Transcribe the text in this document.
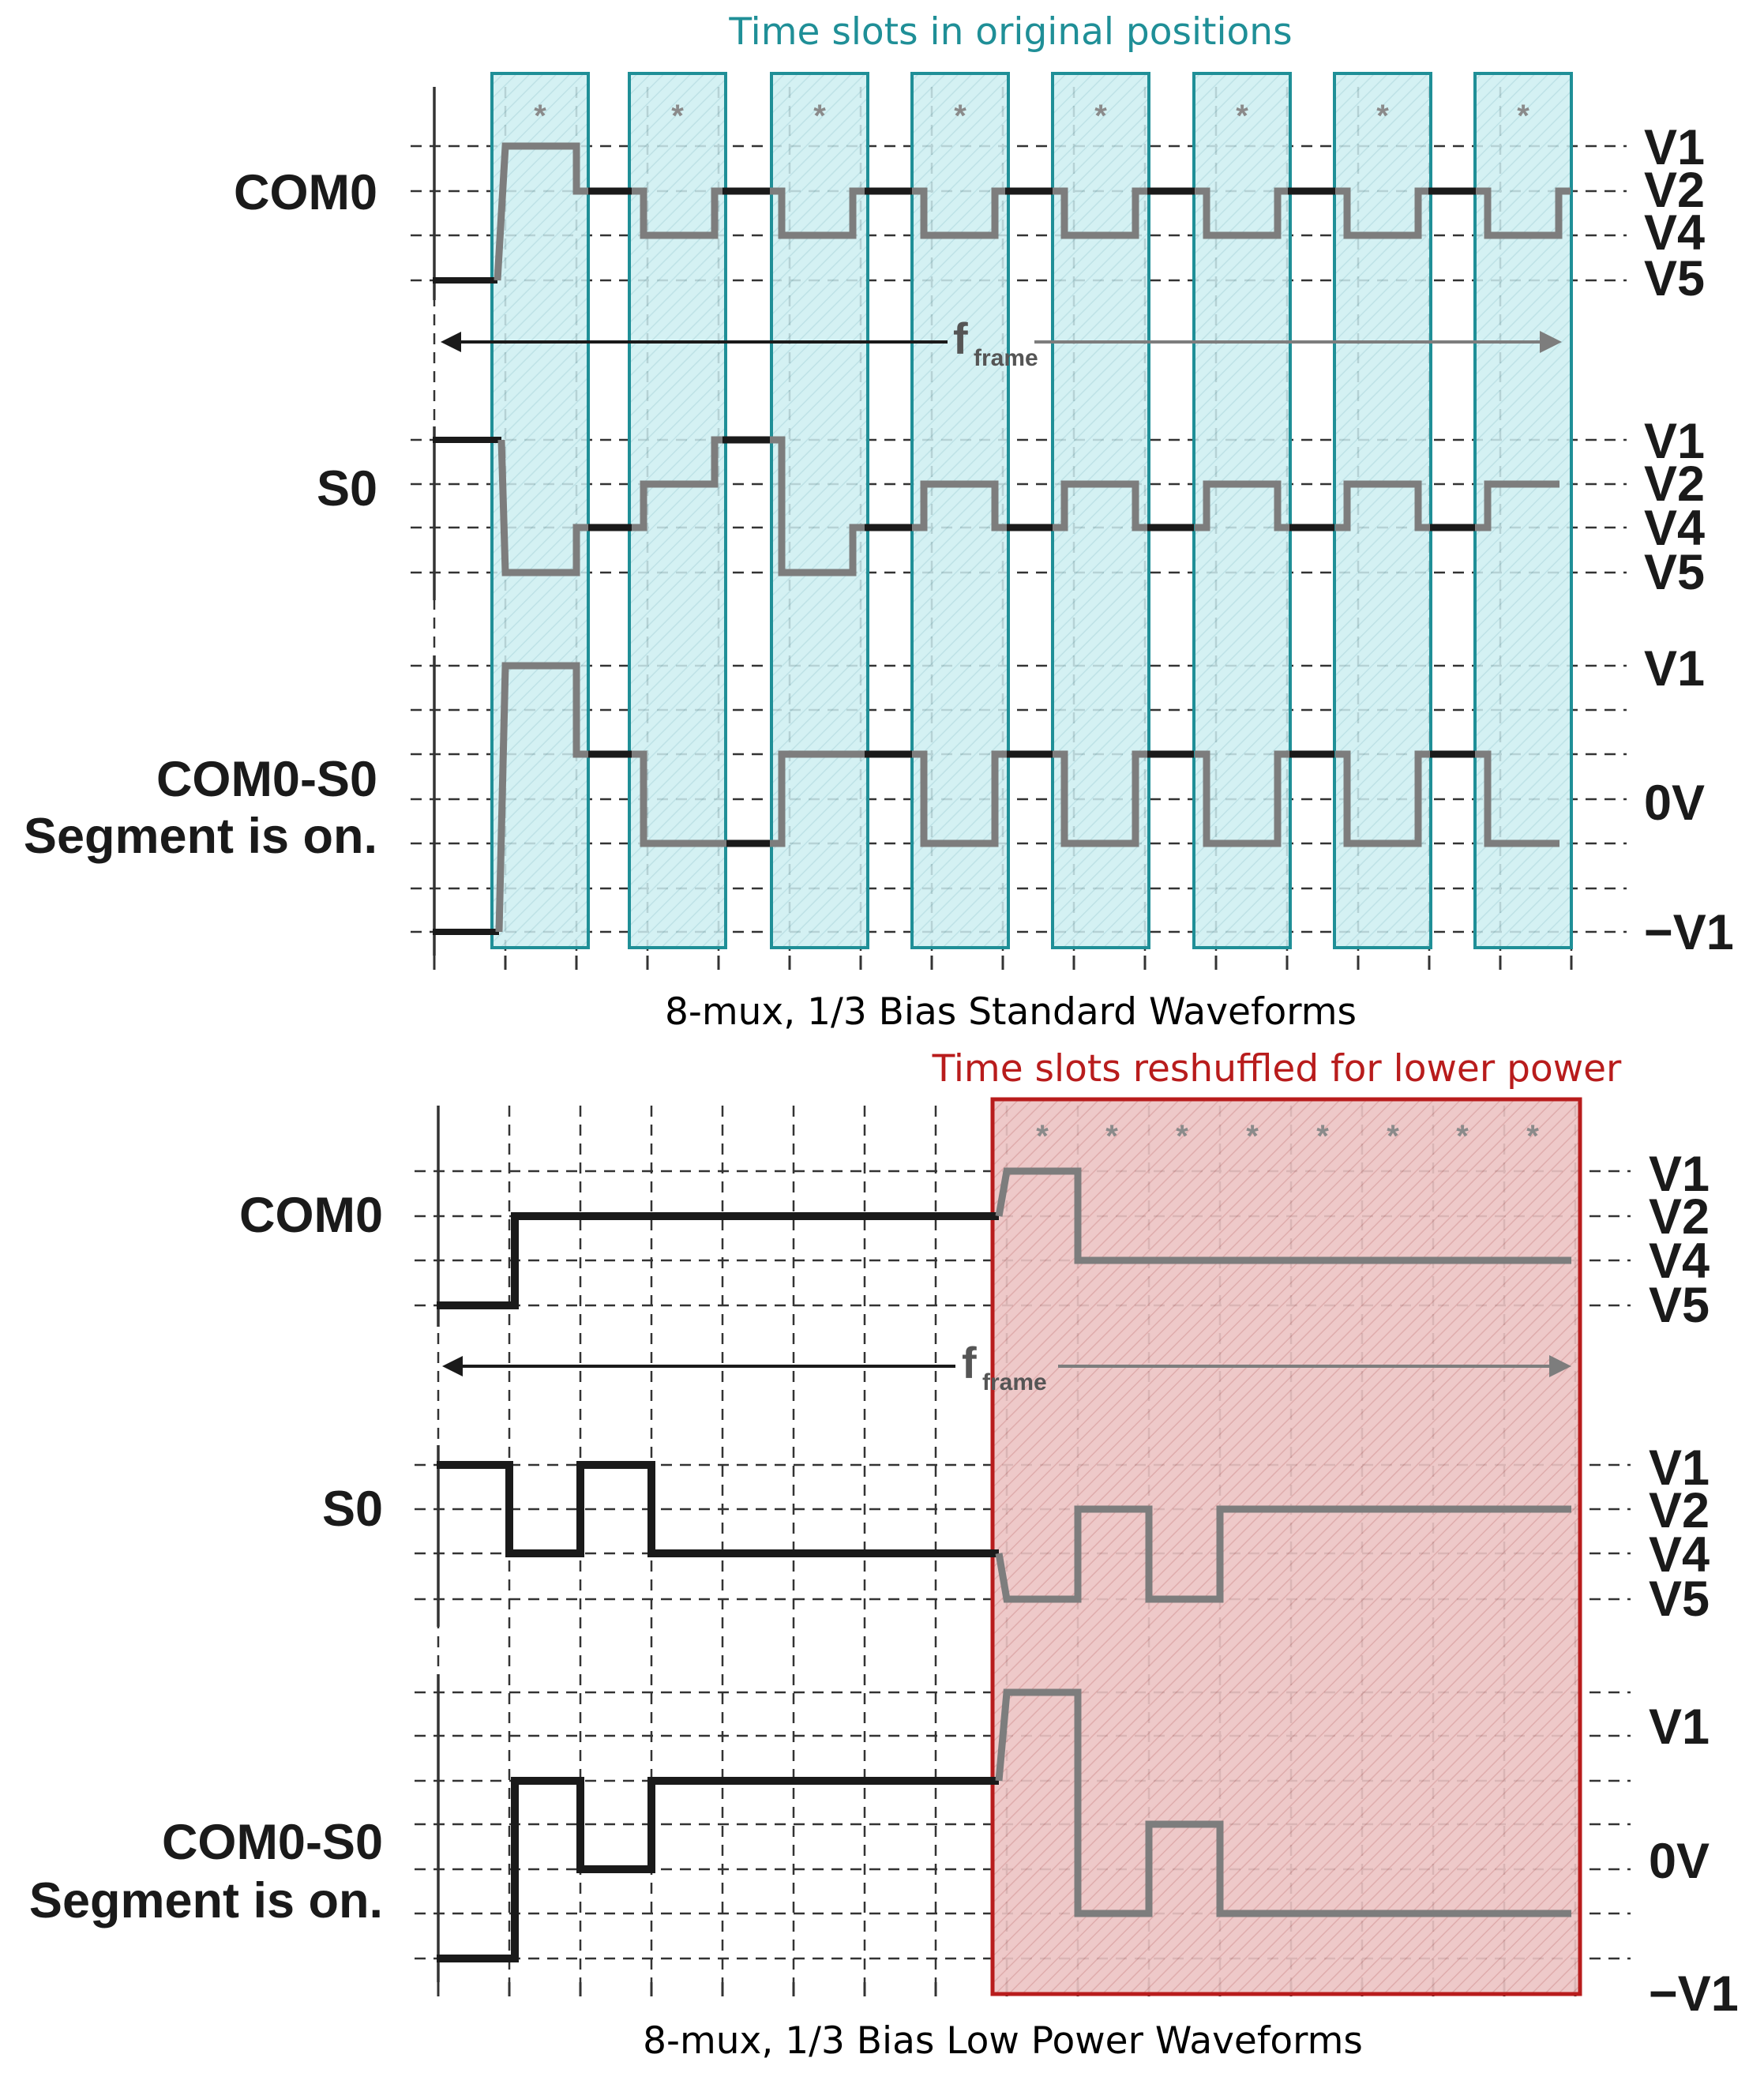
Time slots in original positions
*	*	*	*	*	*	*	*
COM0
S0
COM0-S0
Segment is on.
V1
V2
V4
V5
V1
V2
V4
V5
V1
0V
−V1
f frame
8-mux, 1/3 Bias Standard Waveforms
Time slots reshuffled for lower power
* * * * * * * *
COM0
S0
COM0-S0
Segment is on.
V1
V2
V4
V5
V1
V2
V4
V5
V1
0V
−V1
f frame
8-mux, 1/3 Bias Low Power Waveforms
